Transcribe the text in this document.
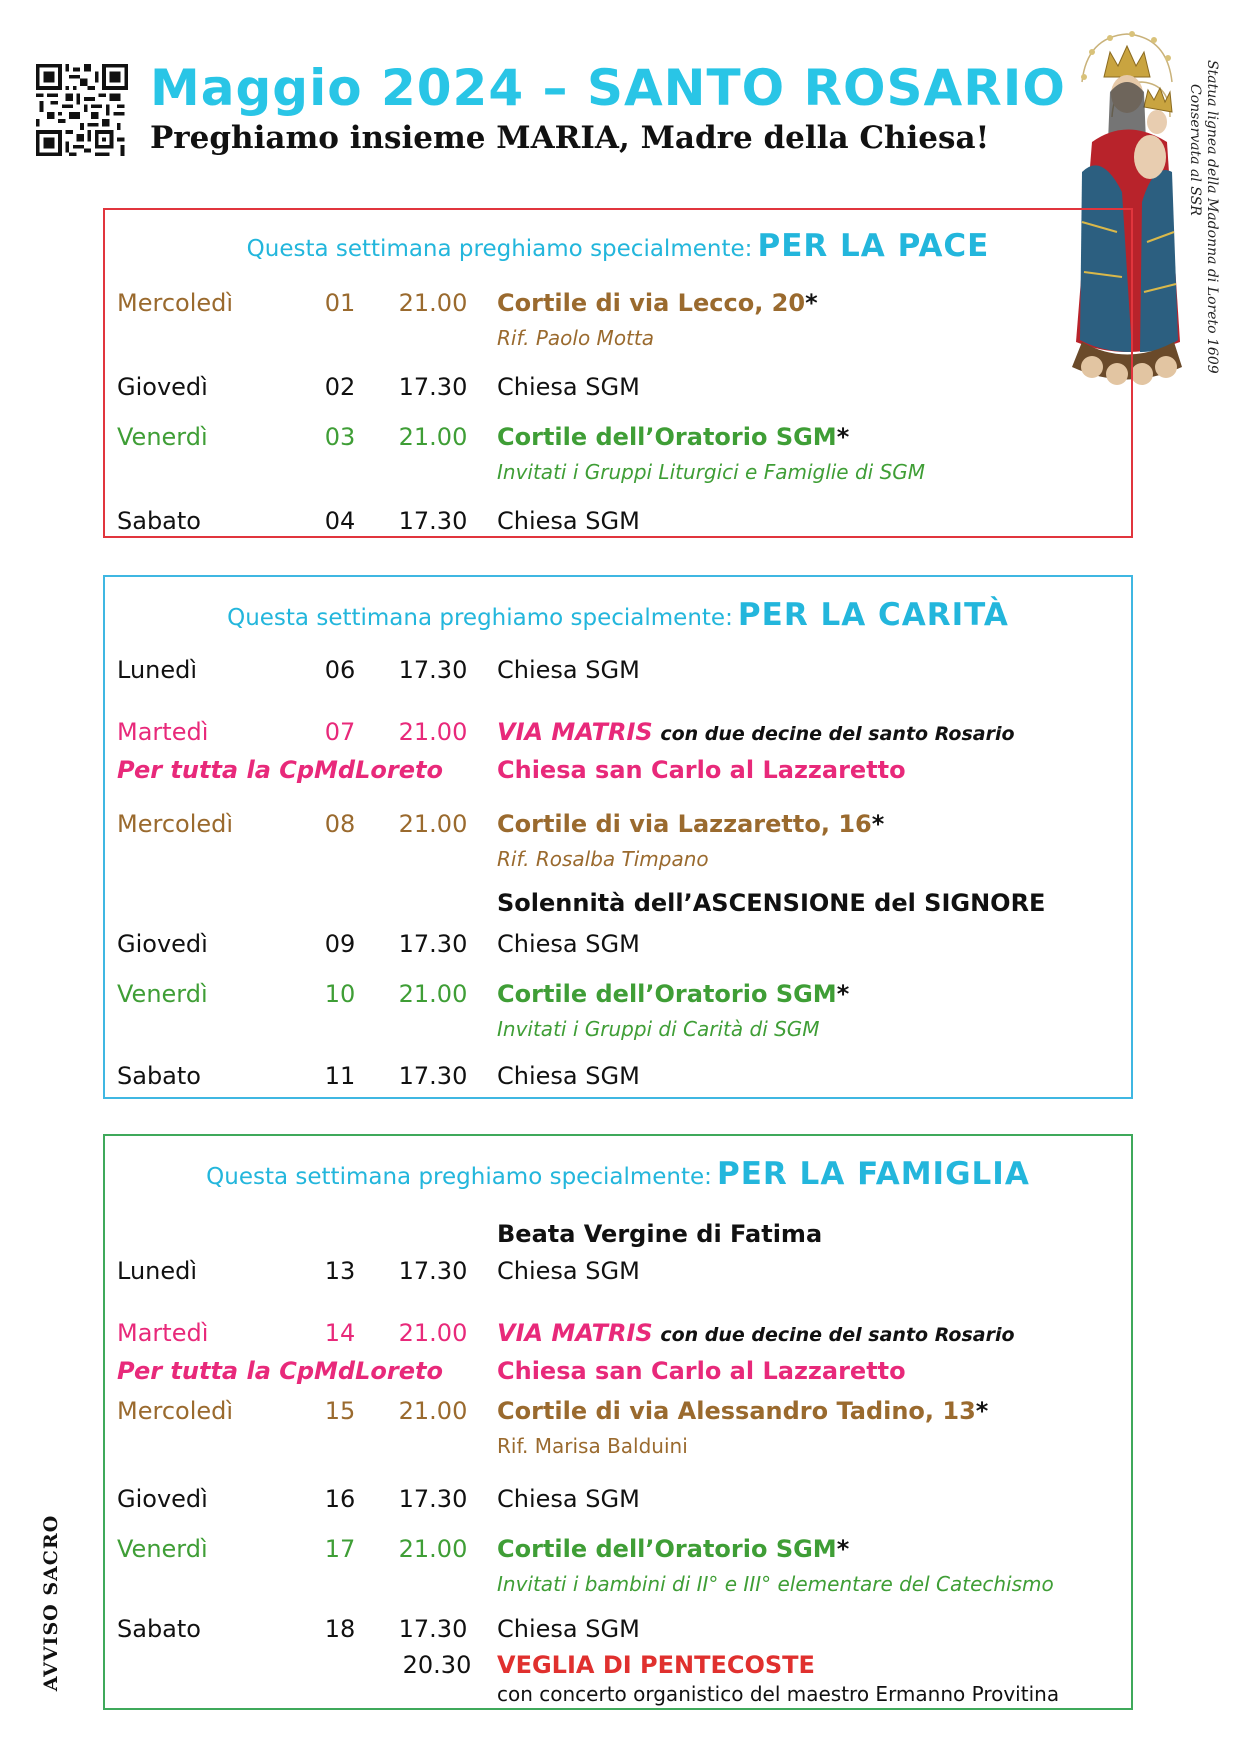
Maggio 2024 – SANTO ROSARIO
Preghiamo insieme MARIA, Madre della Chiesa!	Statua lignea della Madonna di Loreto 1609
Conservata al SSR
AVVISO SACRO
Questa settimana preghiamo specialmente: PER LA PACE
Mercoledì	01	21.00 Cortile di via Lecco, 20*
Rif. Paolo Motta
Giovedì	02	17.30 Chiesa SGM
Venerdì	03	21.00 Cortile dell’Oratorio SGM*
Invitati i Gruppi Liturgici e Famiglie di SGM
Sabato	04	17.30 Chiesa SGM
Questa settimana preghiamo specialmente: PER LA CARITÀ
Lunedì	06	17.30 Chiesa SGM
Martedì	07	21.00 VIA MATRIS con due decine del santo Rosario
Per tutta la CpMdLoreto Chiesa san Carlo al Lazzaretto
Mercoledì	08	21.00 Cortile di via Lazzaretto, 16*
Rif. Rosalba Timpano
Solennità dell’ASCENSIONE del SIGNORE
Giovedì	09	17.30 Chiesa SGM
Venerdì	10	21.00 Cortile dell’Oratorio SGM*
Invitati i Gruppi di Carità di SGM
Sabato	11	17.30 Chiesa SGM
Questa settimana preghiamo specialmente: PER LA FAMIGLIA
Beata Vergine di Fatima
Lunedì	13	17.30 Chiesa SGM
Martedì	14	21.00 VIA MATRIS con due decine del santo Rosario
Per tutta la CpMdLoreto Chiesa san Carlo al Lazzaretto
Mercoledì	15	21.00 Cortile di via Alessandro Tadino, 13*
Rif. Marisa Balduini
Giovedì	16	17.30 Chiesa SGM
Venerdì	17	21.00 Cortile dell’Oratorio SGM*
Invitati i bambini di II° e III° elementare del Catechismo
Sabato	18	17.30 Chiesa SGM
20.30 VEGLIA DI PENTECOSTE
con concerto organistico del maestro Ermanno Provitina
